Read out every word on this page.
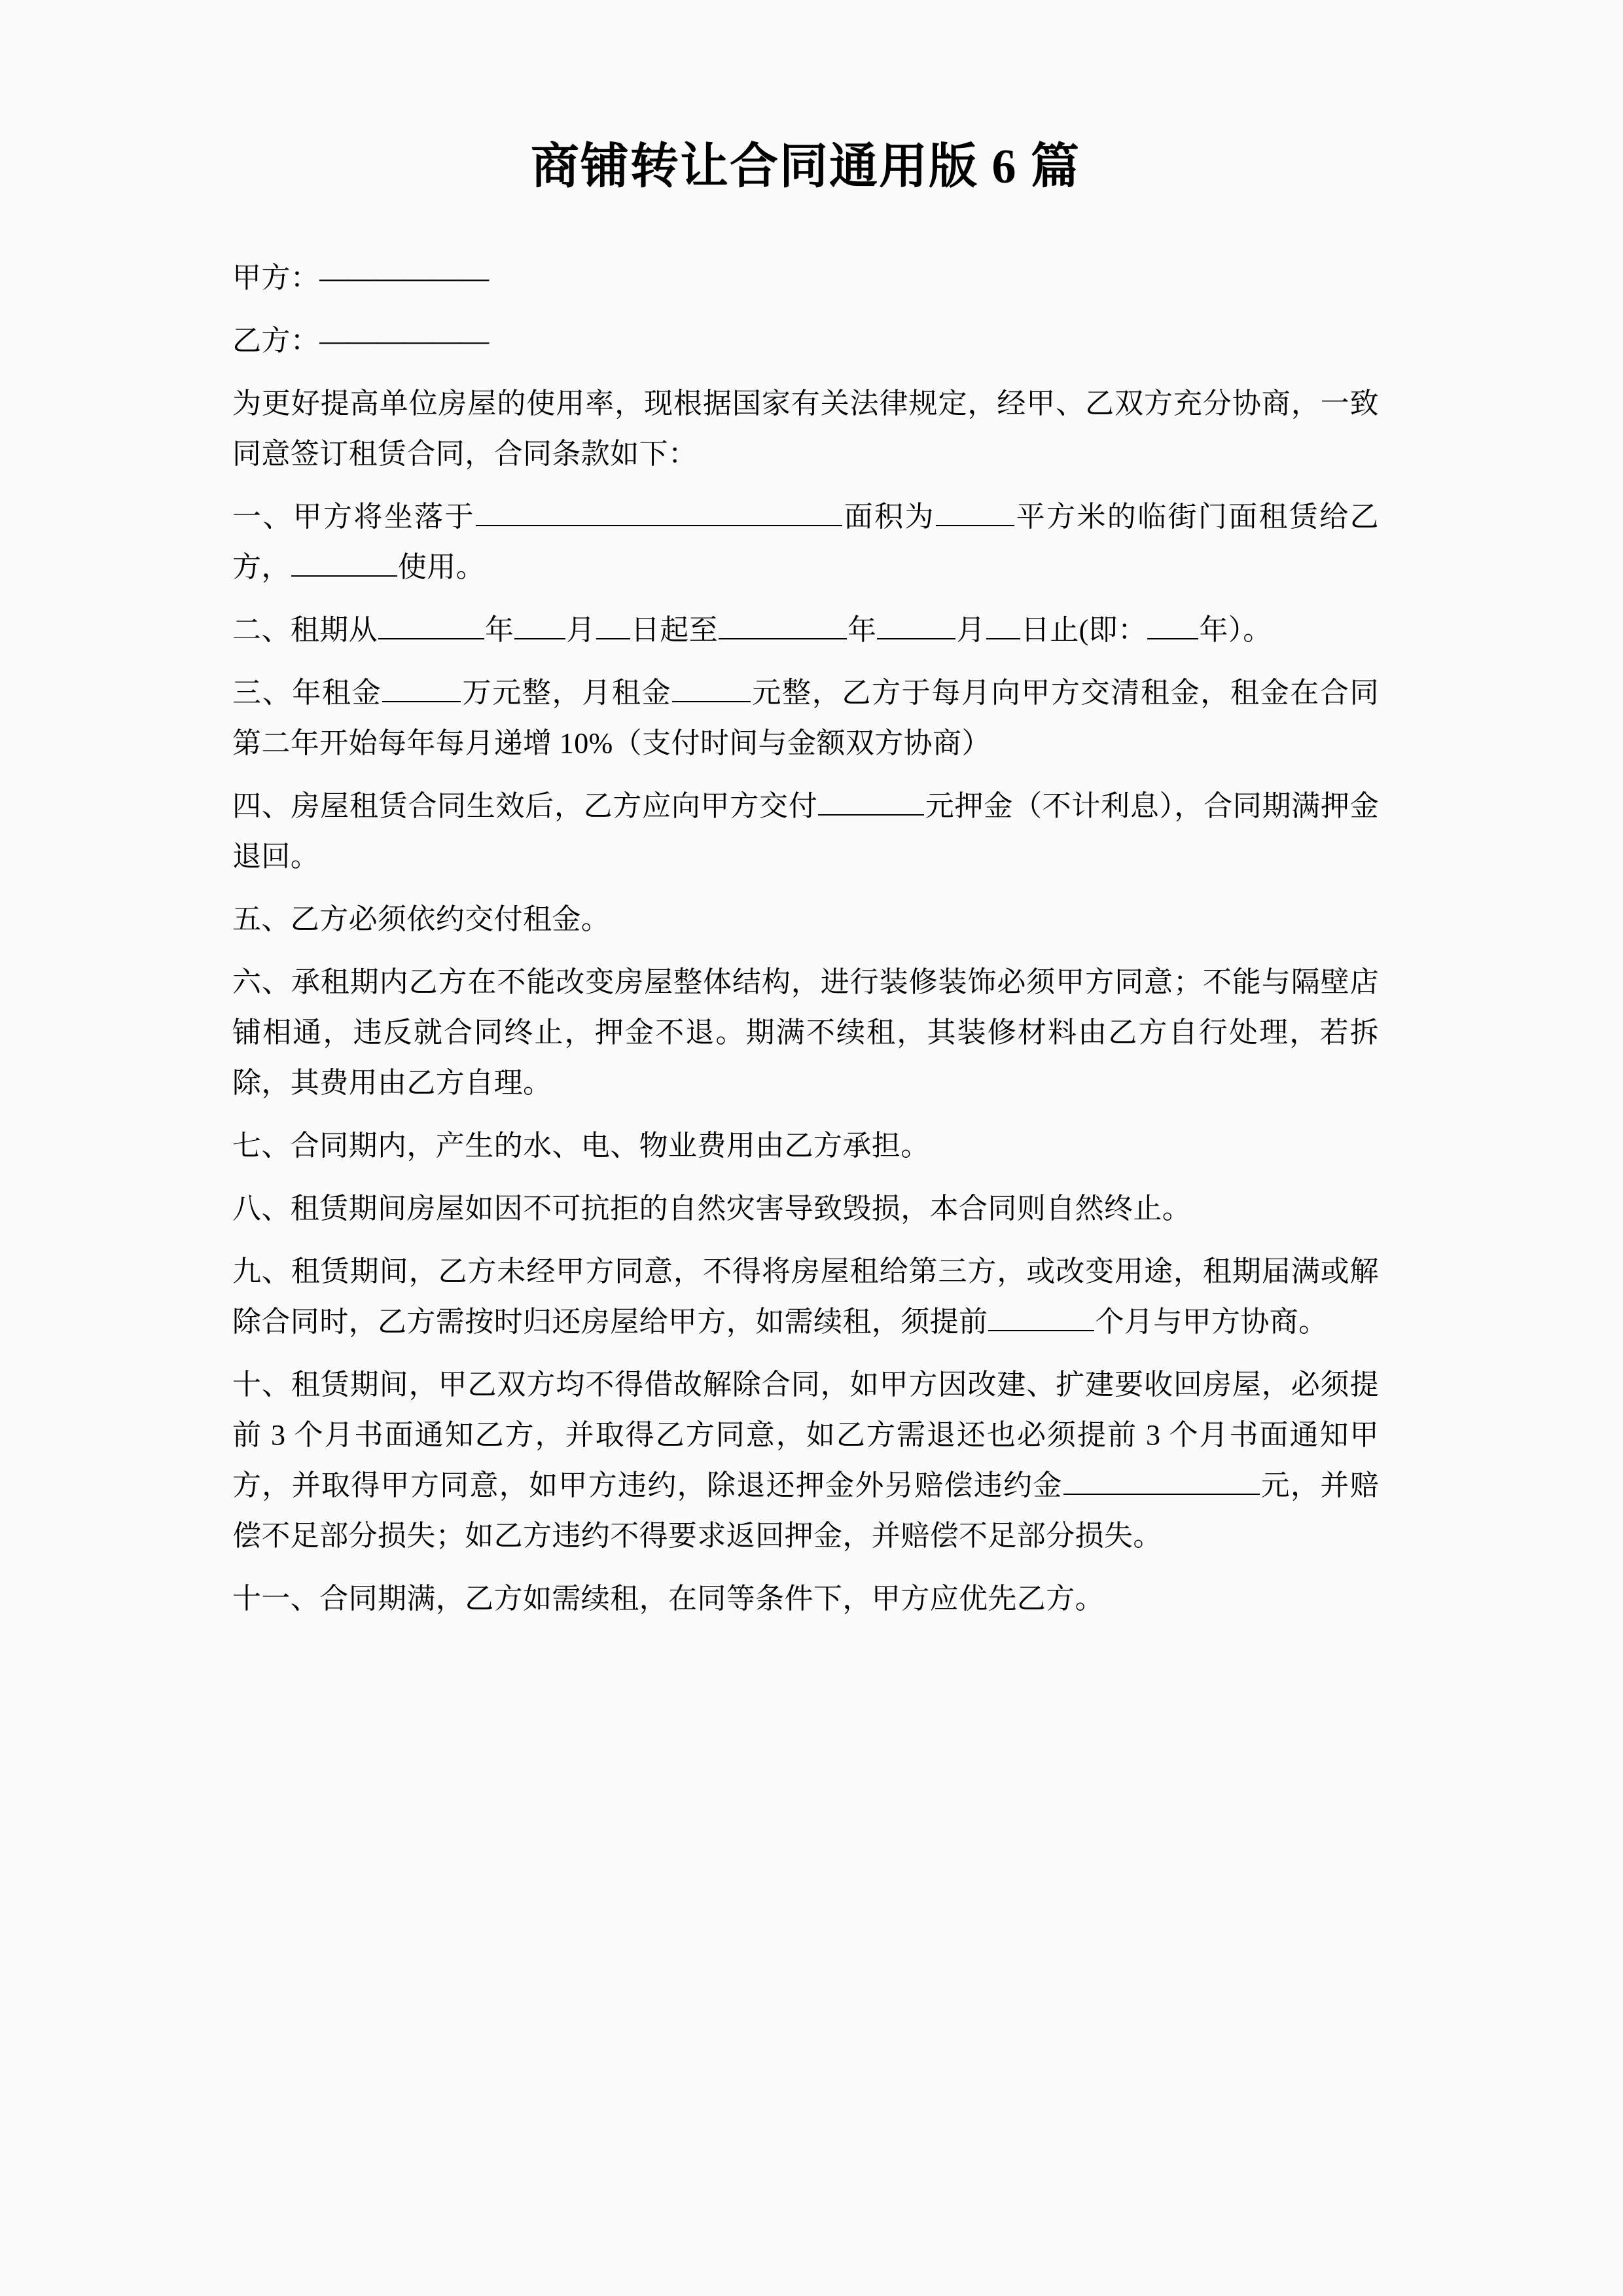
商铺转让合同通用版 6 篇

甲方：——————

乙方：——————

为更好提高单位房屋的使用率，现根据国家有关法律规定，经甲、乙双方充分协商，一致同意签订租赁合同，合同条款如下：

一、甲方将坐落于	面积为	平方米的临街门面租赁给乙方，	使用。

二、租期从	年 月 日起至	年	月 日止(即： 年）。

三、年租金	万元整，月租金	元整，乙方于每月向甲方交清租金，租金在合同第二年开始每年每月递增 10%（支付时间与金额双方协商）

四、房屋租赁合同生效后，乙方应向甲方交付	元押金（不计利息），合同期满押金退回。

五、乙方必须依约交付租金。

六、承租期内乙方在不能改变房屋整体结构，进行装修装饰必须甲方同意；不能与隔壁店铺相通，违反就合同终止，押金不退。期满不续租，其装修材料由乙方自行处理，若拆除，其费用由乙方自理。

七、合同期内，产生的水、电、物业费用由乙方承担。

八、租赁期间房屋如因不可抗拒的自然灾害导致毁损，本合同则自然终止。

九、租赁期间，乙方未经甲方同意，不得将房屋租给第三方，或改变用途，租期届满或解除合同时，乙方需按时归还房屋给甲方，如需续租，须提前	个月与甲方协商。

十、租赁期间，甲乙双方均不得借故解除合同，如甲方因改建、扩建要收回房屋，必须提前 3 个月书面通知乙方，并取得乙方同意，如乙方需退还也必须提前 3 个月书面通知甲方，并取得甲方同意，如甲方违约，除退还押金外另赔偿违约金	元，并赔偿不足部分损失；如乙方违约不得要求返回押金，并赔偿不足部分损失。

十一、合同期满，乙方如需续租，在同等条件下，甲方应优先乙方。
